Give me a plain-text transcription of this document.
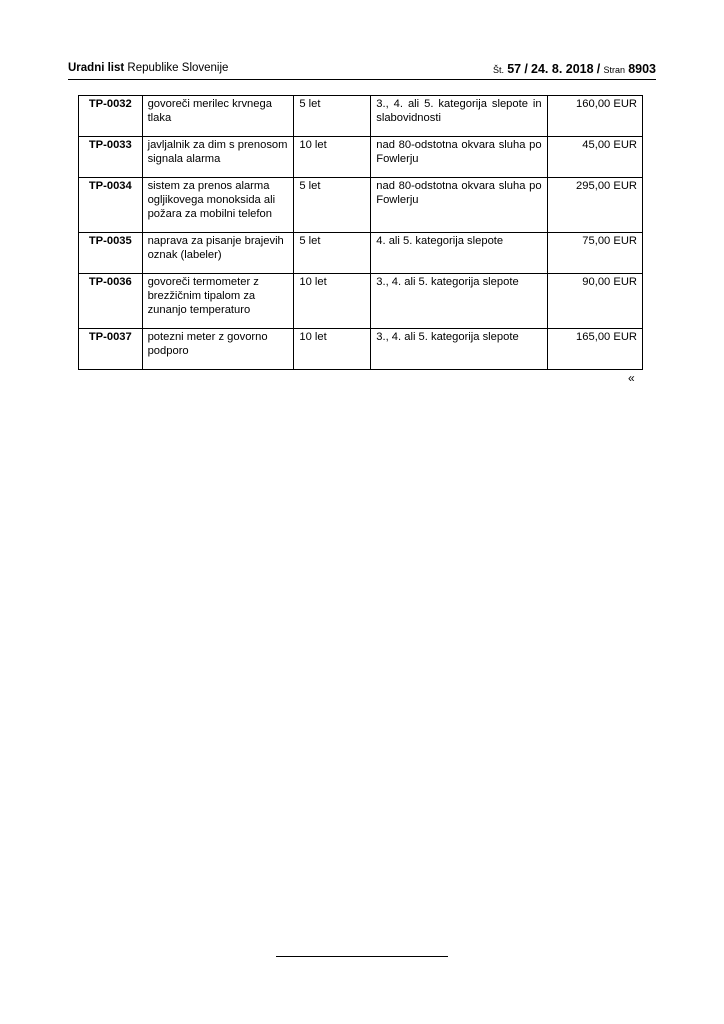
Uradni list Republike Slovenije	Št. 57 / 24. 8. 2018 / Stran 8903
TP-0032	govoreči merilec krvnega tlaka	5 let	3., 4. ali 5. kategorija slepote in slabovidnosti	160,00 EUR
TP-0033	javljalnik za dim s prenosom signala alarma	10 let	nad 80-odstotna okvara sluha po Fowlerju	45,00 EUR
TP-0034	sistem za prenos alarma ogljikovega monoksida ali požara za mobilni telefon	5 let	nad 80-odstotna okvara sluha po Fowlerju	295,00 EUR
TP-0035	naprava za pisanje brajevih oznak (labeler)	5 let	4. ali 5. kategorija slepote	75,00 EUR
TP-0036	govoreči termometer z brezžičnim tipalom za zunanjo temperaturo	10 let	3., 4. ali 5. kategorija slepote	90,00 EUR
TP-0037	potezni meter z govorno podporo	10 let	3., 4. ali 5. kategorija slepote	165,00 EUR
«
